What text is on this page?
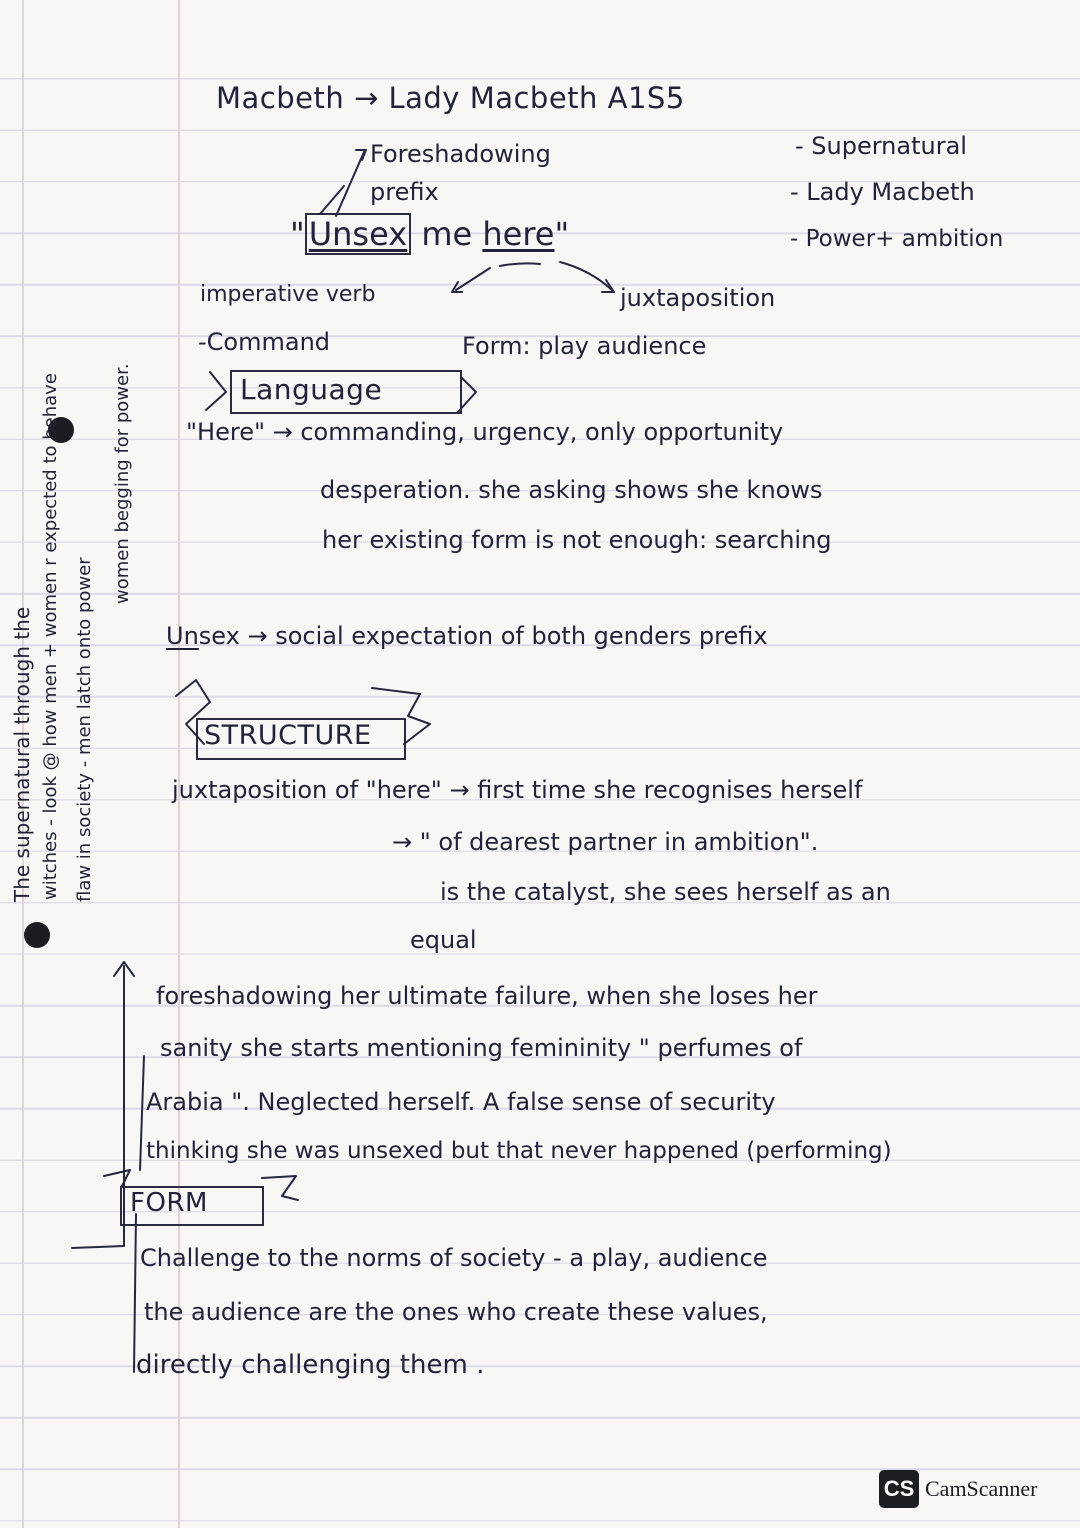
Macbeth → Lady Macbeth A1S5
- Supernatural
- Lady Macbeth
- Power+ ambition
Foreshadowing
prefix
" Unsex me here"
imperative verb	juxtaposition
-Command	Form: play audience
Language
"Here" → commanding, urgency, only opportunity
desperation. she asking shows she knows
her existing form is not enough: searching
Unsex → social expectation of both genders prefix
STRUCTURE
juxtaposition of "here" → first time she recognises herself
→ " of dearest partner in ambition".
is the catalyst, she sees herself as an
equal
foreshadowing her ultimate failure, when she loses her
sanity she starts mentioning femininity " perfumes of
Arabia ". Neglected herself. A false sense of security
thinking she was unsexed but that never happened (performing)
FORM
Challenge to the norms of society - a play, audience
the audience are the ones who create these values,
directly challenging them .
The supernatural through the witches - look @ how men + women r expected to behave flaw in society - men latch onto power
women begging for power.
CS CamScanner
